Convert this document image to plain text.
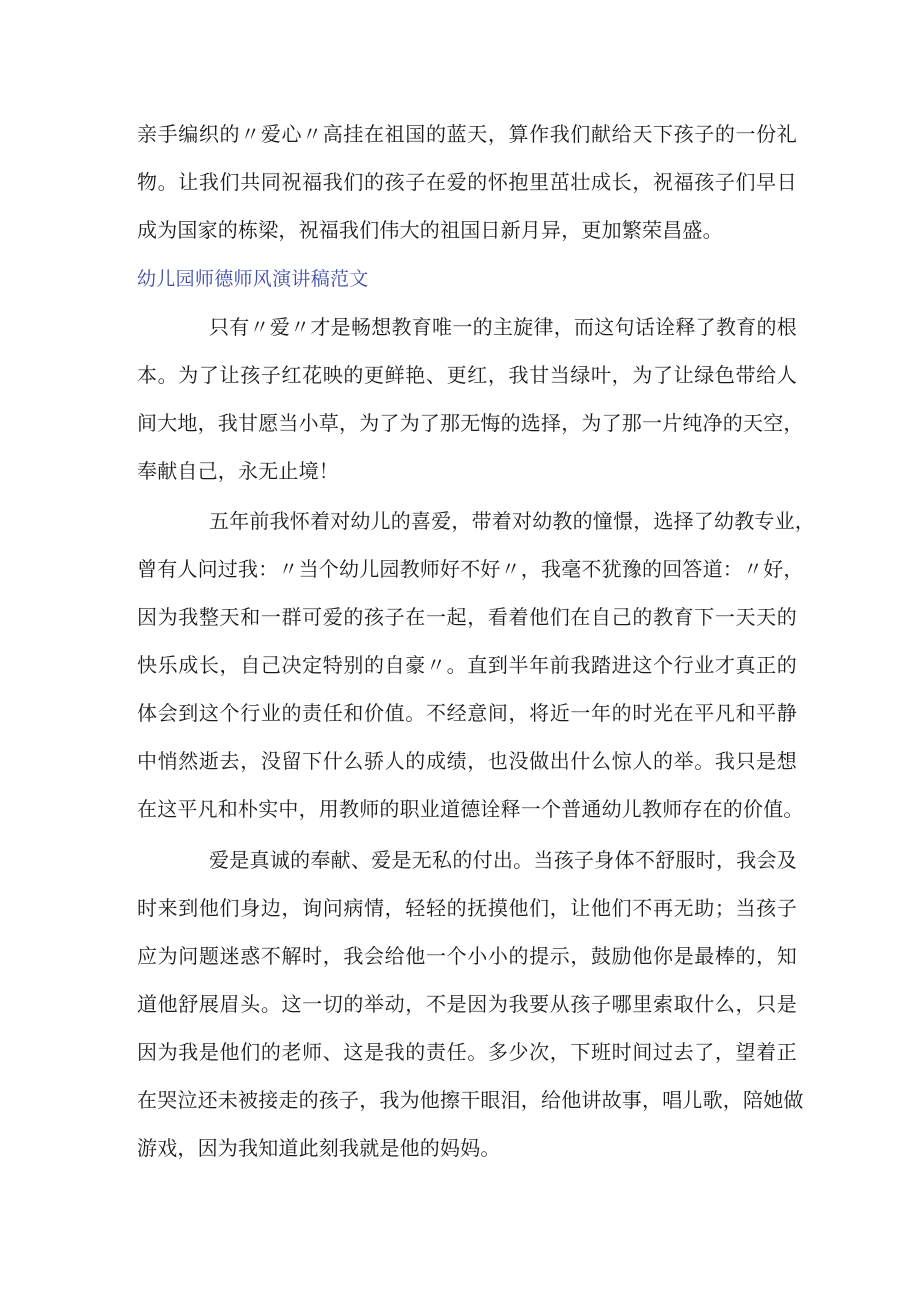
亲手编织的〃爱心〃高挂在祖国的蓝天，算作我们献给天下孩子的一份礼
物。让我们共同祝福我们的孩子在爱的怀抱里茁壮成长，祝福孩子们早日
成为国家的栋梁，祝福我们伟大的祖国日新月异，更加繁荣昌盛。
幼儿园师德师风演讲稿范文
只有〃爱〃才是畅想教育唯一的主旋律，而这句话诠释了教育的根
本。为了让孩子红花映的更鲜艳、更红，我甘当绿叶，为了让绿色带给人
间大地，我甘愿当小草，为了为了那无悔的选择，为了那一片纯净的天空，
奉献自己，永无止境！
五年前我怀着对幼儿的喜爱，带着对幼教的憧憬，选择了幼教专业，
曾有人问过我：〃当个幼儿园教师好不好〃，我毫不犹豫的回答道：〃好，
因为我整天和一群可爱的孩子在一起，看着他们在自己的教育下一天天的
快乐成长，自己决定特别的自豪〃。直到半年前我踏进这个行业才真正的
体会到这个行业的责任和价值。不经意间，将近一年的时光在平凡和平静
中悄然逝去，没留下什么骄人的成绩，也没做出什么惊人的举。我只是想
在这平凡和朴实中，用教师的职业道德诠释一个普通幼儿教师存在的价值。
爱是真诚的奉献、爱是无私的付出。当孩子身体不舒服时，我会及
时来到他们身边，询问病情，轻轻的抚摸他们，让他们不再无助；当孩子
应为问题迷惑不解时，我会给他一个小小的提示，鼓励他你是最棒的，知
道他舒展眉头。这一切的举动，不是因为我要从孩子哪里索取什么，只是
因为我是他们的老师、这是我的责任。多少次，下班时间过去了，望着正
在哭泣还未被接走的孩子，我为他擦干眼泪，给他讲故事，唱儿歌，陪她做
游戏，因为我知道此刻我就是他的妈妈。
